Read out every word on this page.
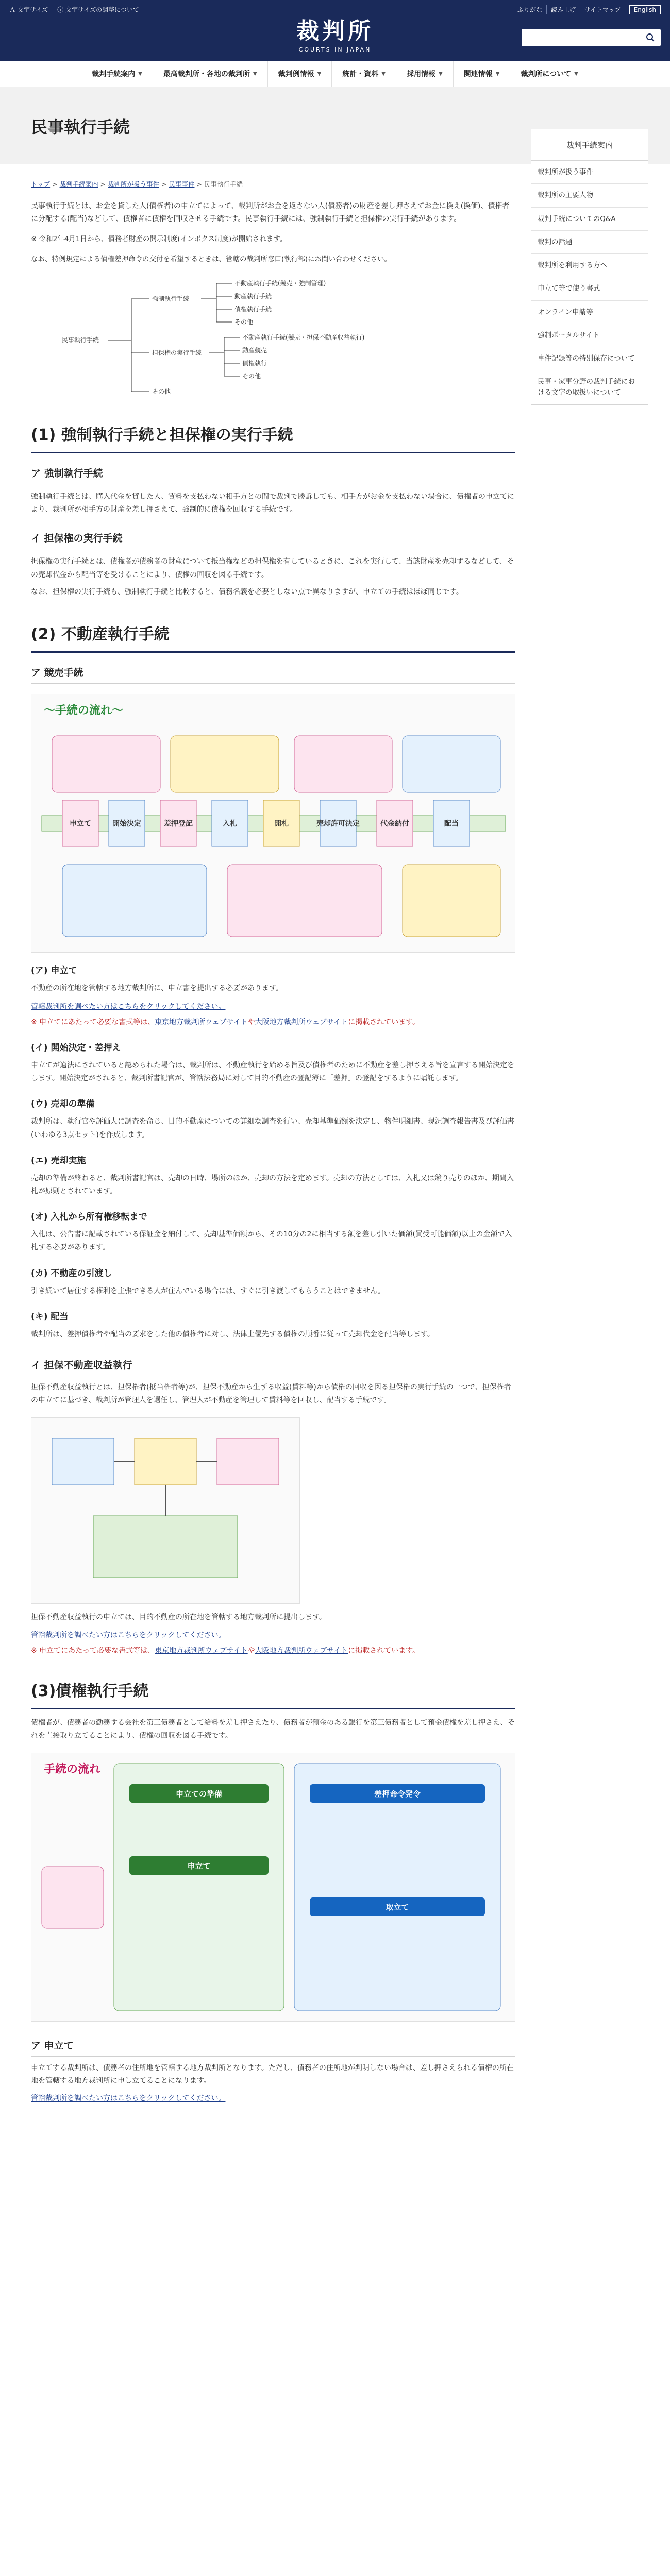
Ａ 文字サイズ ⓘ 文字サイズの調整について
裁判所
COURTS IN JAPAN
ふりがな	読み上げ	サイトマップ	English
裁判手続案内 ▼	最高裁判所・各地の裁判所 ▼	裁判例情報 ▼	統計・資料 ▼	採用情報 ▼	関連情報 ▼	裁判所について ▼
民事執行手続
裁判手続案内
裁判所が扱う事件
裁判所の主要人物
裁判手続についてのQ&A
裁判の話題
裁判所を利用する方へ
申立て等で使う書式
オンライン申請等
強制ポータルサイト
事件記録等の特別保存について
民事・家事分野の裁判手続における文字の取扱いについて
トップ > 裁判手続案内 > 裁判所が扱う事件 > 民事事件 > 民事執行手続

民事執行手続とは、お金を貸した人(債権者)の申立てによって、裁判所がお金を返さない人(債務者)の財産を差し押さえてお金に換え(換価)、債権者に分配する(配当)などして、債権者に債権を回収させる手続です。民事執行手続には、強制執行手続と担保権の実行手続があります。

※ 令和2年4月1日から、債務者財産の開示制度(インボクス制度)が開始されます。

なお、特例規定による債権差押命令の交付を希望するときは、管轄の裁判所窓口(執行部)にお問い合わせください。

民事執行手続
強制執行手続
不動産執行手続(競売・強制管理)
動産執行手続
債権執行手続
その他
担保権の実行手続
不動産執行手続(競売・担保不動産収益執行)
動産競売
債権執行
その他
その他
(1) 強制執行手続と担保権の実行手続
ア 強制執行手続

強制執行手続とは、購入代金を貸した人、賃料を支払わない相手方との間で裁判で勝訴しても、相手方がお金を支払わない場合に、債権者の申立てにより、裁判所が相手方の財産を差し押さえて、強制的に債権を回収する手続です。

イ 担保権の実行手続

担保権の実行手続とは、債権者が債務者の財産について抵当権などの担保権を有しているときに、これを実行して、当該財産を売却するなどして、その売却代金から配当等を受けることにより、債権の回収を図る手続です。

なお、担保権の実行手続も、強制執行手続と比較すると、債務名義を必要としない点で異なりますが、申立ての手続はほぼ同じです。

(2) 不動産執行手続
ア 競売手続
～手続の流れ～
申立て	開始決定	差押登記	入札	開札	売却許可決定	代金納付	配当
(ア) 申立て

不動産の所在地を管轄する地方裁判所に、申立書を提出する必要があります。

管轄裁判所を調べたい方はこちらをクリックしてください。
※ 申立てにあたって必要な書式等は、東京地方裁判所ウェブサイトや大阪地方裁判所ウェブサイトに掲載されています。
(イ) 開始決定・差押え

申立てが適法にされていると認められた場合は、裁判所は、不動産執行を始める旨及び債権者のために不動産を差し押さえる旨を宣言する開始決定をします。開始決定がされると、裁判所書記官が、管轄法務局に対して目的不動産の登記簿に「差押」の登記をするように嘱託します。

(ウ) 売却の準備

裁判所は、執行官や評価人に調査を命じ、目的不動産についての詳細な調査を行い、売却基準価額を決定し、物件明細書、現況調査報告書及び評価書(いわゆる3点セット)を作成します。

(エ) 売却実施

売却の準備が終わると、裁判所書記官は、売却の日時、場所のほか、売却の方法を定めます。売却の方法としては、入札又は競り売りのほか、期間入札が原則とされています。

(オ) 入札から所有権移転まで

入札は、公告書に記載されている保証金を納付して、売却基準価額から、その10分の2に相当する額を差し引いた価額(買受可能価額)以上の金額で入札する必要があります。

(カ) 不動産の引渡し

引き続いて居住する権利を主張できる人が住んでいる場合には、すぐに引き渡してもらうことはできません。

(キ) 配当

裁判所は、差押債権者や配当の要求をした他の債権者に対し、法律上優先する債権の順番に従って売却代金を配当等します。

イ 担保不動産収益執行

担保不動産収益執行とは、担保権者(抵当権者等)が、担保不動産から生ずる収益(賃料等)から債権の回収を図る担保権の実行手続の一つで、担保権者の申立てに基づき、裁判所が管理人を選任し、管理人が不動産を管理して賃料等を回収し、配当する手続です。

担保不動産収益執行の申立ては、目的不動産の所在地を管轄する地方裁判所に提出します。

管轄裁判所を調べたい方はこちらをクリックしてください。
※ 申立てにあたって必要な書式等は、東京地方裁判所ウェブサイトや大阪地方裁判所ウェブサイトに掲載されています。
(3)債権執行手続

債権者が、債務者の勤務する会社を第三債務者として給料を差し押さえたり、債務者が預金のある銀行を第三債務者として預金債権を差し押さえ、それを直接取り立てることにより、債権の回収を図る手続です。

手続の流れ
申立ての準備
申立て
差押命令発令
取立て
ア 申立て

申立てする裁判所は、債務者の住所地を管轄する地方裁判所となります。ただし、債務者の住所地が判明しない場合は、差し押さえられる債権の所在地を管轄する地方裁判所に申し立てることになります。

管轄裁判所を調べたい方はこちらをクリックしてください。
